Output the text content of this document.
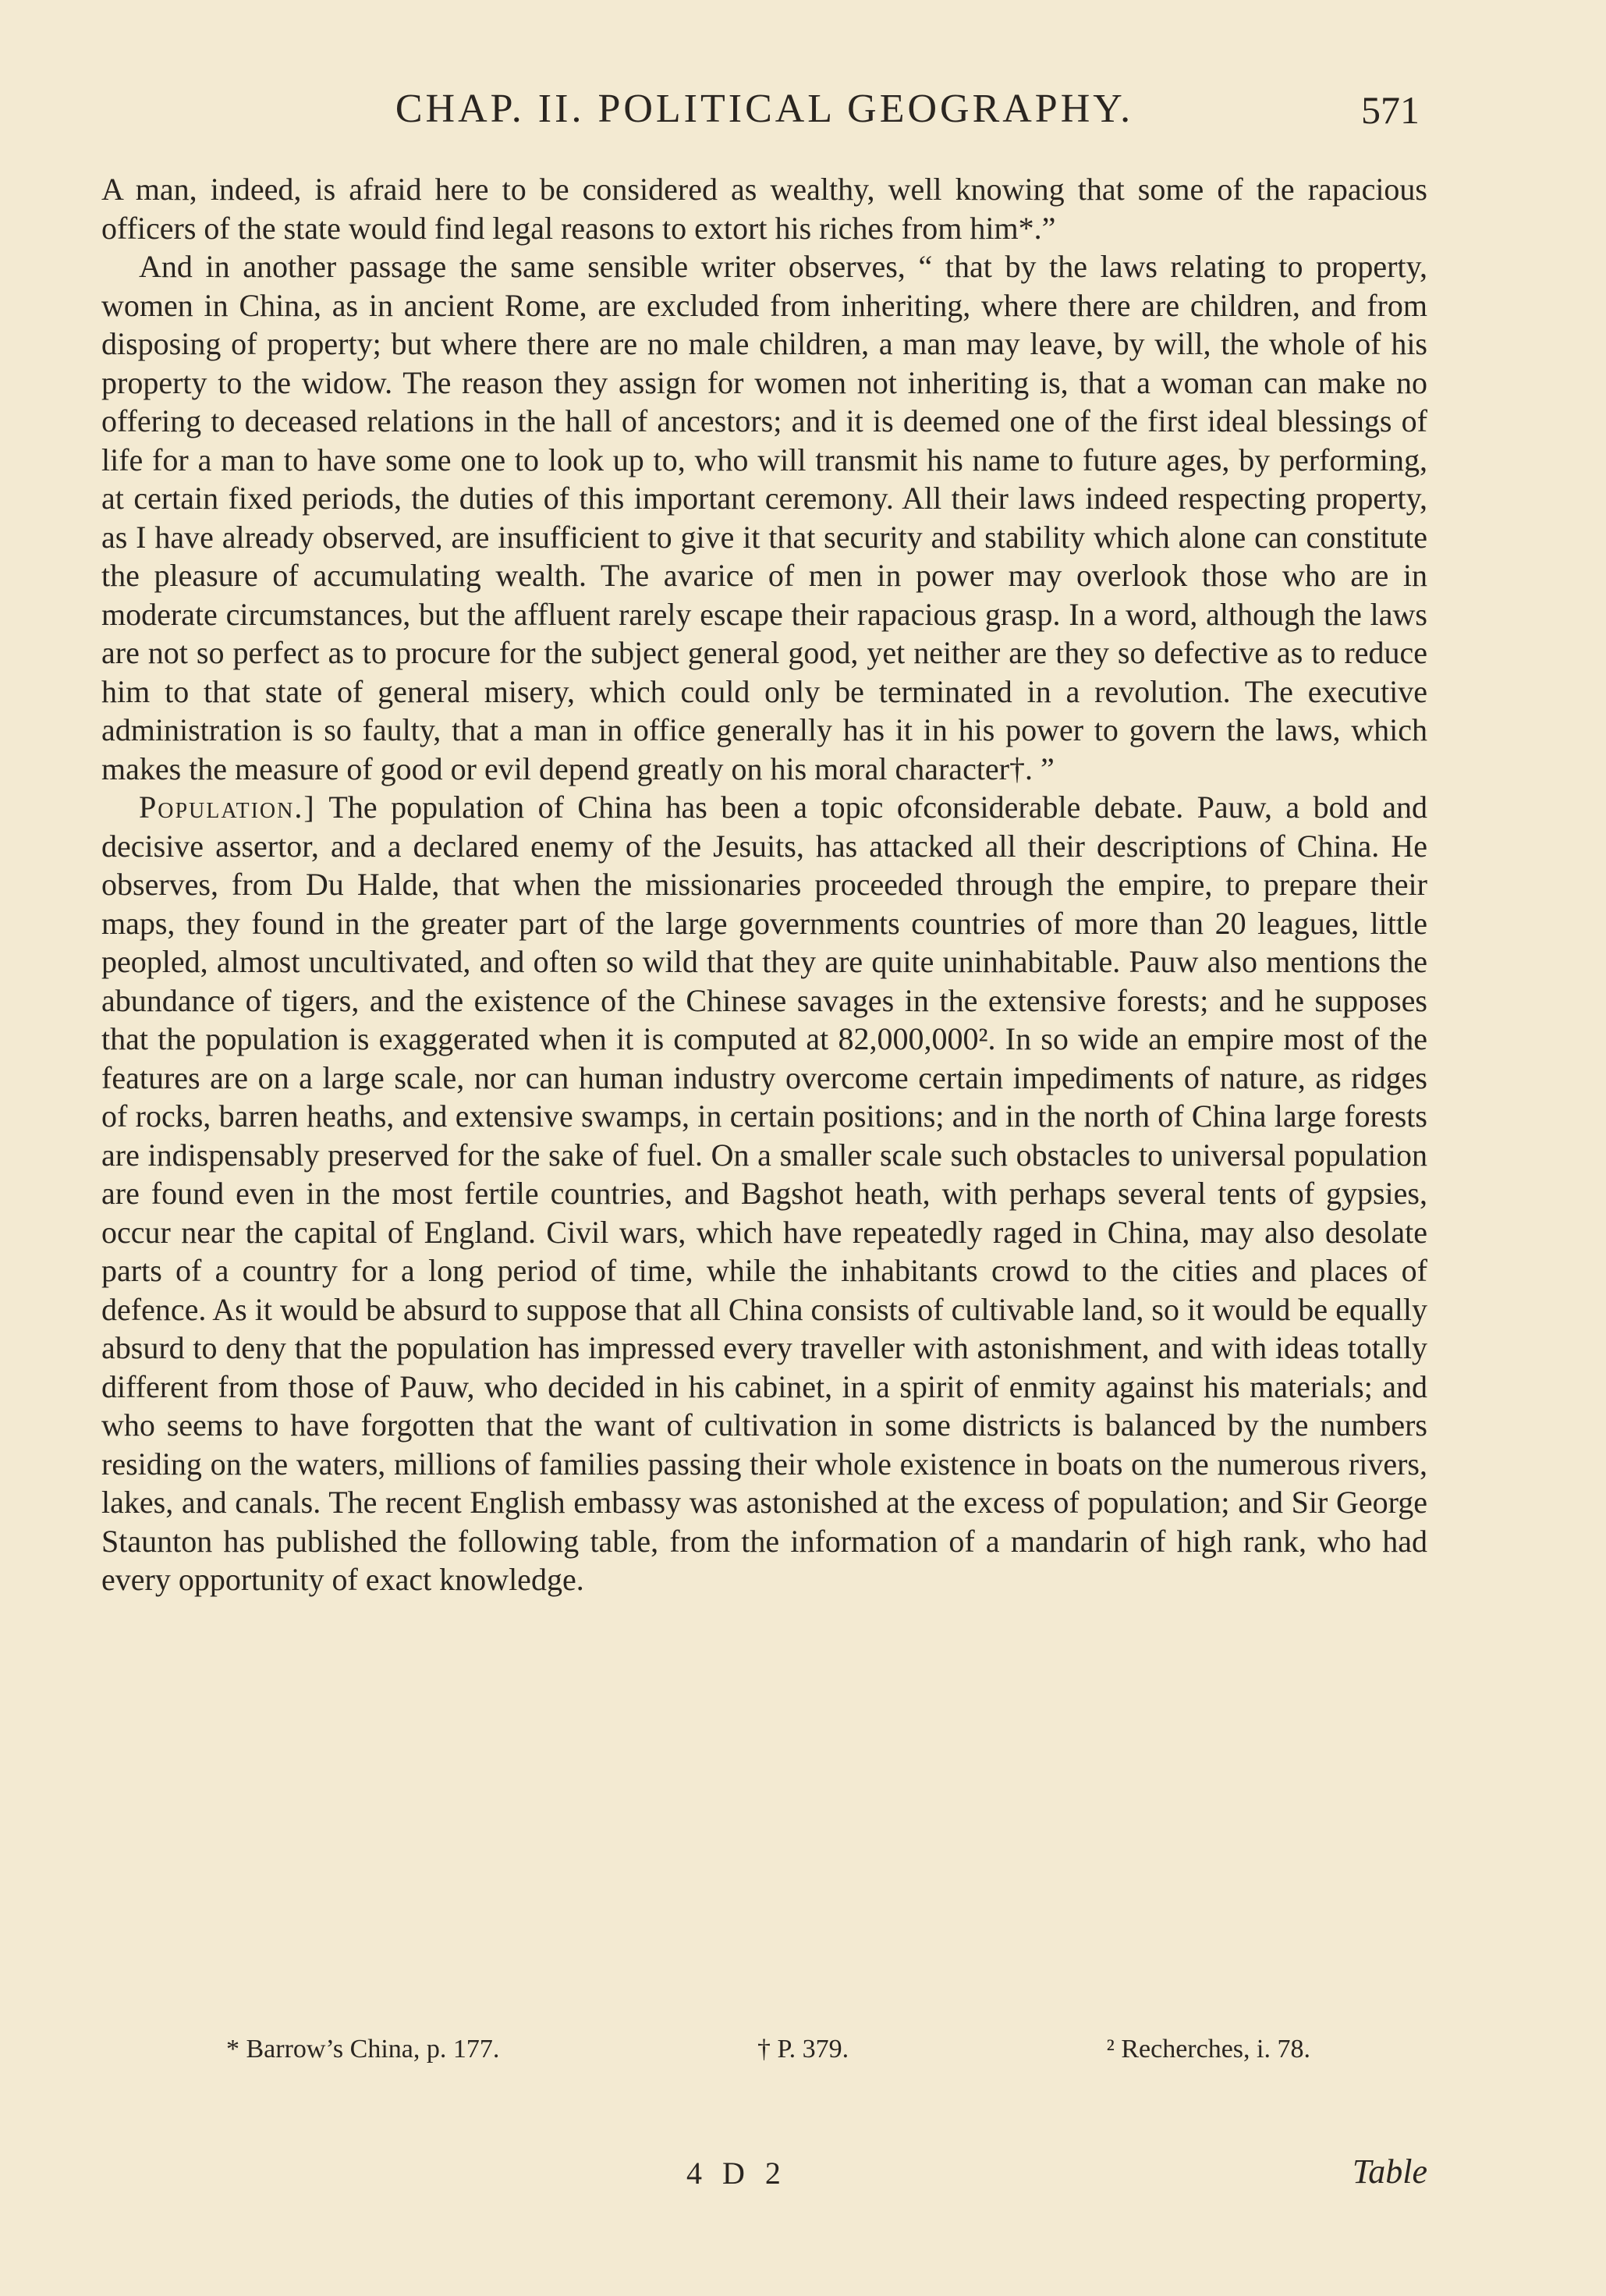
CHAP. II. POLITICAL GEOGRAPHY.	571

A man, indeed, is afraid here to be considered as wealthy, well knowing that some of the rapacious officers of the state would find legal reasons to extort his riches from him*.”

And in another passage the same sensible writer observes, “ that by the laws relating to property, women in China, as in ancient Rome, are excluded from inheriting, where there are children, and from disposing of property; but where there are no male children, a man may leave, by will, the whole of his property to the widow. The reason they assign for women not inheriting is, that a woman can make no offering to deceased relations in the hall of ancestors; and it is deemed one of the first ideal blessings of life for a man to have some one to look up to, who will transmit his name to future ages, by performing, at certain fixed periods, the duties of this important ceremony. All their laws indeed respecting property, as I have already observed, are insufficient to give it that security and stability which alone can constitute the pleasure of accumulating wealth. The avarice of men in power may overlook those who are in moderate circumstances, but the affluent rarely escape their rapacious grasp. In a word, although the laws are not so perfect as to procure for the subject general good, yet neither are they so defective as to reduce him to that state of general misery, which could only be terminated in a revolution. The executive administration is so faulty, that a man in office generally has it in his power to govern the laws, which makes the measure of good or evil depend greatly on his moral character†. ”

Population.] The population of China has been a topic ofconsiderable debate. Pauw, a bold and decisive assertor, and a declared enemy of the Jesuits, has attacked all their descriptions of China. He observes, from Du Halde, that when the missionaries proceeded through the empire, to prepare their maps, they found in the greater part of the large governments countries of more than 20 leagues, little peopled, almost uncultivated, and often so wild that they are quite uninhabitable. Pauw also mentions the abundance of tigers, and the existence of the Chinese savages in the extensive forests; and he supposes that the population is exaggerated when it is computed at 82,000,000². In so wide an empire most of the features are on a large scale, nor can human industry overcome certain impediments of nature, as ridges of rocks, barren heaths, and extensive swamps, in certain positions; and in the north of China large forests are indispensably preserved for the sake of fuel. On a smaller scale such obstacles to universal population are found even in the most fertile countries, and Bagshot heath, with perhaps several tents of gypsies, occur near the capital of England. Civil wars, which have repeatedly raged in China, may also desolate parts of a country for a long period of time, while the inhabitants crowd to the cities and places of defence. As it would be absurd to suppose that all China consists of cultivable land, so it would be equally absurd to deny that the population has impressed every traveller with astonishment, and with ideas totally different from those of Pauw, who decided in his cabinet, in a spirit of enmity against his materials; and who seems to have forgotten that the want of cultivation in some districts is balanced by the numbers residing on the waters, millions of families passing their whole existence in boats on the numerous rivers, lakes, and canals. The recent English embassy was astonished at the excess of population; and Sir George Staunton has published the following table, from the information of a mandarin of high rank, who had every opportunity of exact knowledge.

* Barrow’s China, p. 177.	† P. 379.	² Recherches, i. 78.
4 D 2	Table
